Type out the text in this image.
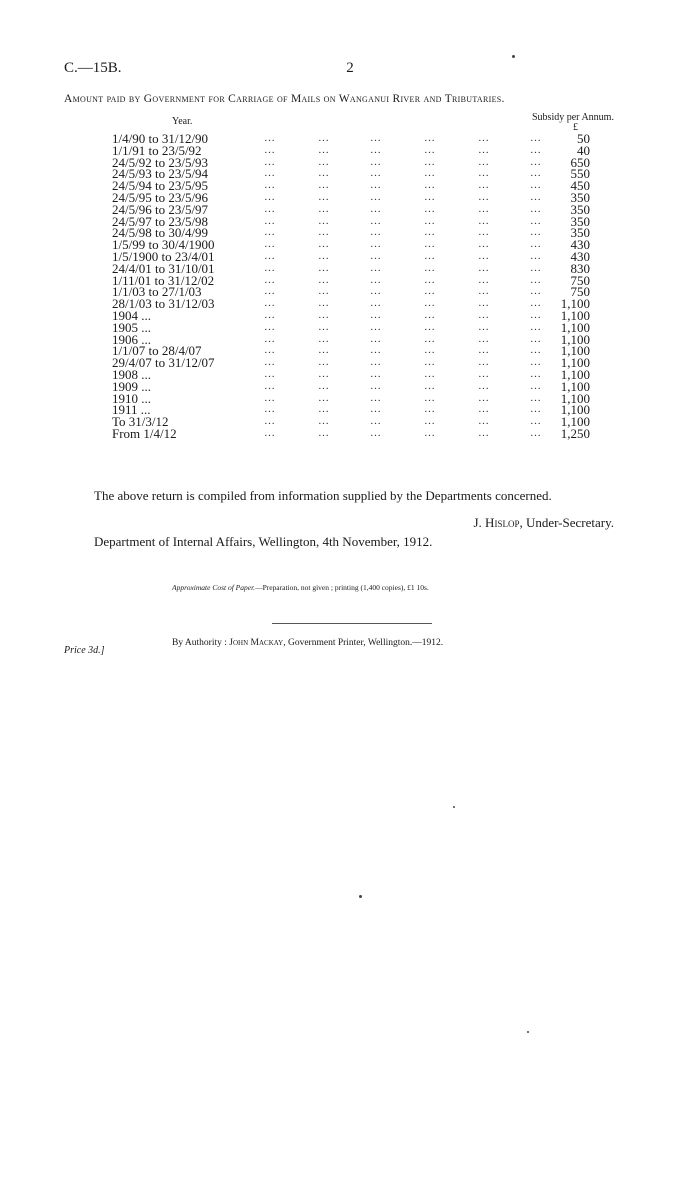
C.—15B.	2
Amount paid by Government for Carriage of Mails on Wanganui River and Tributaries.
Year.	Subsidy per Annum.
£
1/4/90 to 31/12/90	…	…	…	…	…	…	50
1/1/91 to 23/5/92	…	…	…	…	…	…	40
24/5/92 to 23/5/93	…	…	…	…	…	…	650
24/5/93 to 23/5/94	…	…	…	…	…	…	550
24/5/94 to 23/5/95	…	…	…	…	…	…	450
24/5/95 to 23/5/96	…	…	…	…	…	…	350
24/5/96 to 23/5/97	…	…	…	…	…	…	350
24/5/97 to 23/5/98	…	…	…	…	…	…	350
24/5/98 to 30/4/99	…	…	…	…	…	…	350
1/5/99 to 30/4/1900	…	…	…	…	…	…	430
1/5/1900 to 23/4/01	…	…	…	…	…	…	430
24/4/01 to 31/10/01	…	…	…	…	…	…	830
1/11/01 to 31/12/02	…	…	…	…	…	…	750
1/1/03 to 27/1/03	…	…	…	…	…	…	750
28/1/03 to 31/12/03	…	…	…	…	…	…	1,100
1904 ...	…	…	…	…	…	…	1,100
1905 ...	…	…	…	…	…	…	1,100
1906 ...	…	…	…	…	…	…	1,100
1/1/07 to 28/4/07	…	…	…	…	…	…	1,100
29/4/07 to 31/12/07	…	…	…	…	…	…	1,100
1908 ...	…	…	…	…	…	…	1,100
1909 ...	…	…	…	…	…	…	1,100
1910 ...	…	…	…	…	…	…	1,100
1911 ...	…	…	…	…	…	…	1,100
To 31/3/12	…	…	…	…	…	…	1,100
From 1/4/12	…	…	…	…	…	…	1,250
The above return is compiled from information supplied by the Departments concerned.
J. Hislop, Under-Secretary.
Department of Internal Affairs, Wellington, 4th November, 1912.
Approximate Cost of Paper.—Preparation, not given ; printing (1,400 copies), £1 10s.
By Authority : John Mackay, Government Printer, Wellington.—1912.
Price 3d.]
